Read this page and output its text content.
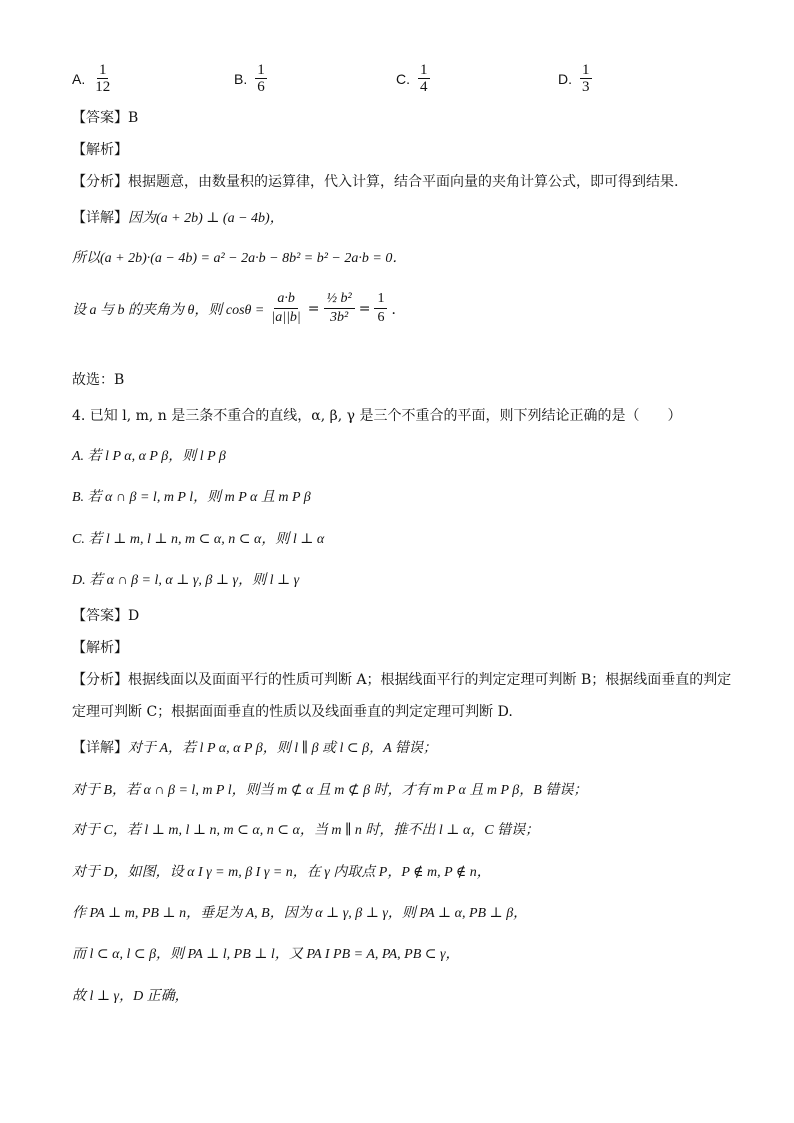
A. $\frac{1}{12}$	B. $\frac{1}{6}$	C. $\frac{1}{4}$	D. $\frac{1}{3}$
【答案】B
【解析】
【分析】根据题意，由数量积的运算律，代入计算，结合平面向量的夹角计算公式，即可得到结果.
【详解】因为(a + 2b) ⊥ (a − 4b)，
所以(a + 2b)·(a − 4b) = a² − 2a·b − 8b² = b² − 2a·b = 0．
设 a 与 b 的夹角为 θ，则 $\cos\theta = \frac{a\cdot b}{|a||b|} = \frac{\text{½ b²}}{\text{3b²}} = \frac{1}{6}$ ．
故选：B
4. 已知 l, m, n 是三条不重合的直线，α, β, γ 是三个不重合的平面，则下列结论正确的是（　　）
A. 若 l P α, α P β，则 l P β
B. 若 α ∩ β = l, m P l，则 m P α 且 m P β
C. 若 l ⊥ m, l ⊥ n, m ⊂ α, n ⊂ α，则 l ⊥ α
D. 若 α ∩ β = l, α ⊥ γ, β ⊥ γ，则 l ⊥ γ
【答案】D
【解析】
【分析】根据线面以及面面平行的性质可判断 A；根据线面平行的判定定理可判断 B；根据线面垂直的判定
定理可判断 C；根据面面垂直的性质以及线面垂直的判定定理可判断 D.
【详解】对于 A，若 l P α, α P β，则 l ∥ β 或 l ⊂ β，A 错误；
对于 B，若 α ∩ β = l, m P l，则当 m ⊄ α 且 m ⊄ β 时，才有 m P α 且 m P β，B 错误；
对于 C，若 l ⊥ m, l ⊥ n, m ⊂ α, n ⊂ α，当 m ∥ n 时，推不出 l ⊥ α，C 错误；
对于 D，如图，设 α I γ = m, β I γ = n，在 γ 内取点 P，P ∉ m, P ∉ n，
作 PA ⊥ m, PB ⊥ n，垂足为 A, B，因为 α ⊥ γ, β ⊥ γ，则 PA ⊥ α, PB ⊥ β，
而 l ⊂ α, l ⊂ β，则 PA ⊥ l, PB ⊥ l，又 PA I PB = A, PA, PB ⊂ γ，
故 l ⊥ γ，D 正确，
